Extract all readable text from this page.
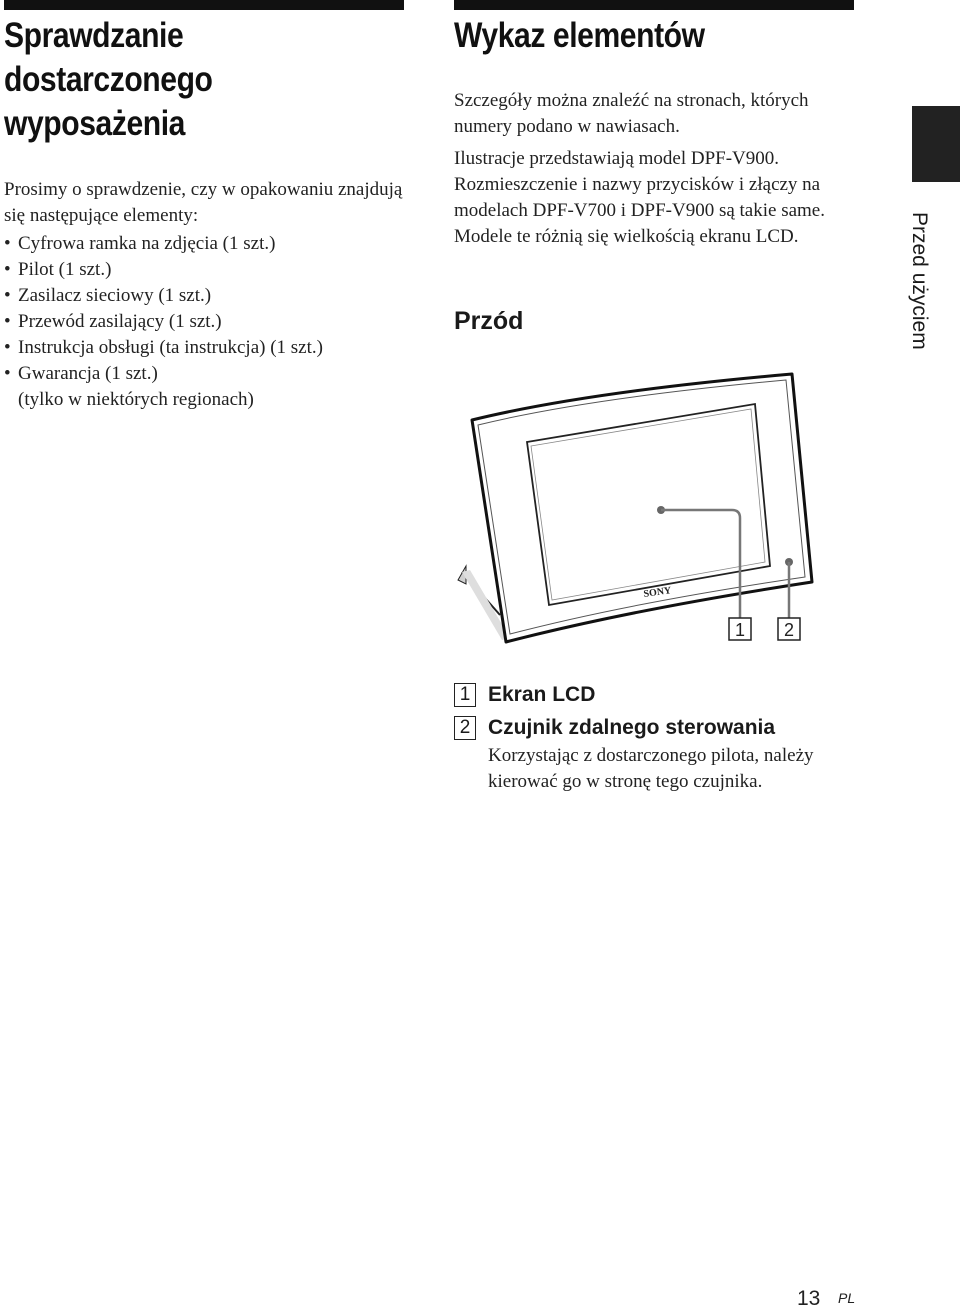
Sprawdzanie
dostarczonego
wyposażenia

Prosimy o sprawdzenie, czy w opakowaniu znajdują się następujące elementy:

• Cyfrowa ramka na zdjęcia (1 szt.)
• Pilot (1 szt.)
• Zasilacz sieciowy (1 szt.)
• Przewód zasilający (1 szt.)
• Instrukcja obsługi (ta instrukcja) (1 szt.)
• Gwarancja (1 szt.)
(tylko w niektórych regionach)
Wykaz elementów

Szczegóły można znaleźć na stronach, których numery podano w nawiasach.

Ilustracje przedstawiają model DPF-V900. Rozmieszczenie i nazwy przycisków i złączy na modelach DPF-V700 i DPF-V900 są takie same. Modele te różnią się wielkością ekranu LCD.

Przód	Przed użyciem
SONY
1 2
1 Ekran LCD
2 Czujnik zdalnego sterowania

Korzystając z dostarczonego pilota, należy kierować go w stronę tego czujnika.

13 PL
